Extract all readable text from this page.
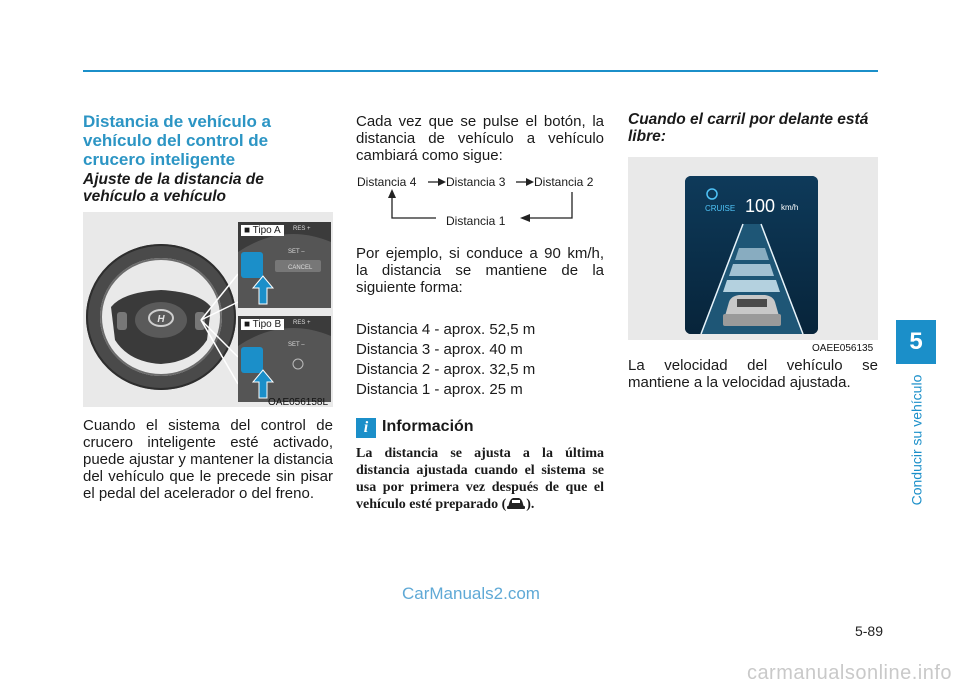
5
Conducir su vehículo
Distancia de vehículo a vehículo del control de crucero inteligente
Ajuste de la distancia de vehículo a vehículo
H
■ Tipo A	RES +
SET –
CANCEL
■ Tipo B	RES +
SET –
OAE056158L
Cuando el sistema del control de crucero inteligente esté activado, puede ajustar y mantener la distancia del vehículo que le precede sin pisar el pedal del acelerador o del freno.
Cada vez que se pulse el botón, la distancia de vehículo a vehículo cambiará como sigue:
Distancia 4 Distancia 3 Distancia 2
Distancia 1
Por ejemplo, si conduce a 90 km/h, la distancia se mantiene de la siguiente forma:
Distancia 4 - aprox. 52,5 m
Distancia 3 - aprox. 40 m
Distancia 2 - aprox. 32,5 m
Distancia 1 - aprox. 25 m
i Información
La distancia se ajusta a la última distancia ajustada cuando el sistema se usa por primera vez después de que el vehículo esté preparado ( ).
Cuando el carril por delante está libre:
CRUISE 100 km/h
OAEE056135
La velocidad del vehículo se mantiene a la velocidad ajustada.
5-89
CarManuals2.com
carmanualsonline.info
